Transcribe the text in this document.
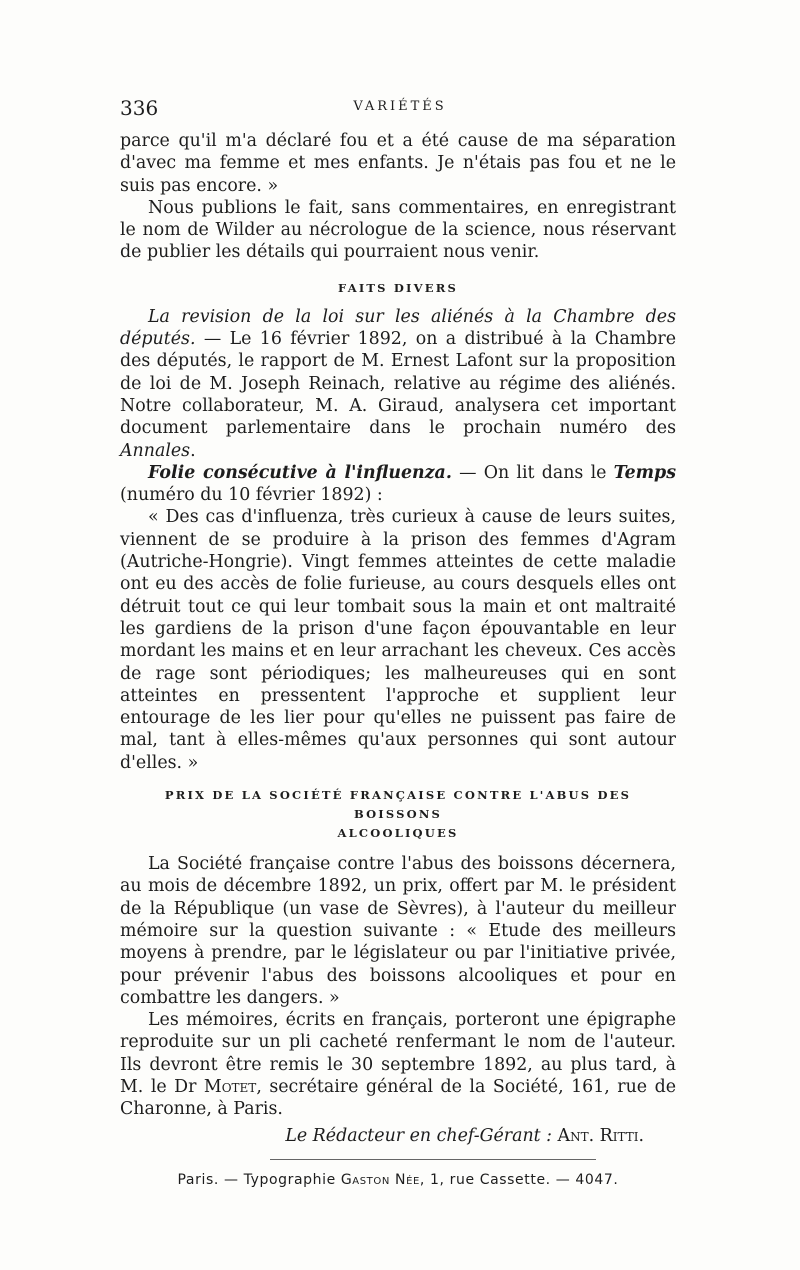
336	VARIÉTÉS

parce qu'il m'a déclaré fou et a été cause de ma séparation d'avec ma femme et mes enfants. Je n'étais pas fou et ne le suis pas encore. »

Nous publions le fait, sans commentaires, en enregistrant le nom de Wilder au nécrologue de la science, nous réservant de publier les détails qui pourraient nous venir.

FAITS DIVERS

La revision de la loi sur les aliénés à la Chambre des députés. — Le 16 février 1892, on a distribué à la Chambre des députés, le rapport de M. Ernest Lafont sur la proposition de loi de M. Joseph Reinach, relative au régime des aliénés. Notre collaborateur, M. A. Giraud, analysera cet important document parlementaire dans le prochain numéro des Annales.

Folie consécutive à l'influenza. — On lit dans le Temps (numéro du 10 février 1892) :

« Des cas d'influenza, très curieux à cause de leurs suites, viennent de se produire à la prison des femmes d'Agram (Autriche-Hongrie). Vingt femmes atteintes de cette maladie ont eu des accès de folie furieuse, au cours desquels elles ont détruit tout ce qui leur tombait sous la main et ont maltraité les gardiens de la prison d'une façon épouvantable en leur mordant les mains et en leur arrachant les cheveux. Ces accès de rage sont périodiques; les malheureuses qui en sont atteintes en pressentent l'approche et supplient leur entourage de les lier pour qu'elles ne puissent pas faire de mal, tant à elles-mêmes qu'aux personnes qui sont autour d'elles. »

PRIX DE LA SOCIÉTÉ FRANÇAISE CONTRE L'ABUS DES BOISSONS
ALCOOLIQUES

La Société française contre l'abus des boissons décernera, au mois de décembre 1892, un prix, offert par M. le président de la République (un vase de Sèvres), à l'auteur du meilleur mémoire sur la question suivante : « Etude des meilleurs moyens à prendre, par le législateur ou par l'initiative privée, pour prévenir l'abus des boissons alcooliques et pour en combattre les dangers. »

Les mémoires, écrits en français, porteront une épigraphe reproduite sur un pli cacheté renfermant le nom de l'auteur. Ils devront être remis le 30 septembre 1892, au plus tard, à M. le Dr Motet, secrétaire général de la Société, 161, rue de Charonne, à Paris.

Le Rédacteur en chef-Gérant : Ant. Ritti.

Paris. — Typographie Gaston Née, 1, rue Cassette. — 4047.
